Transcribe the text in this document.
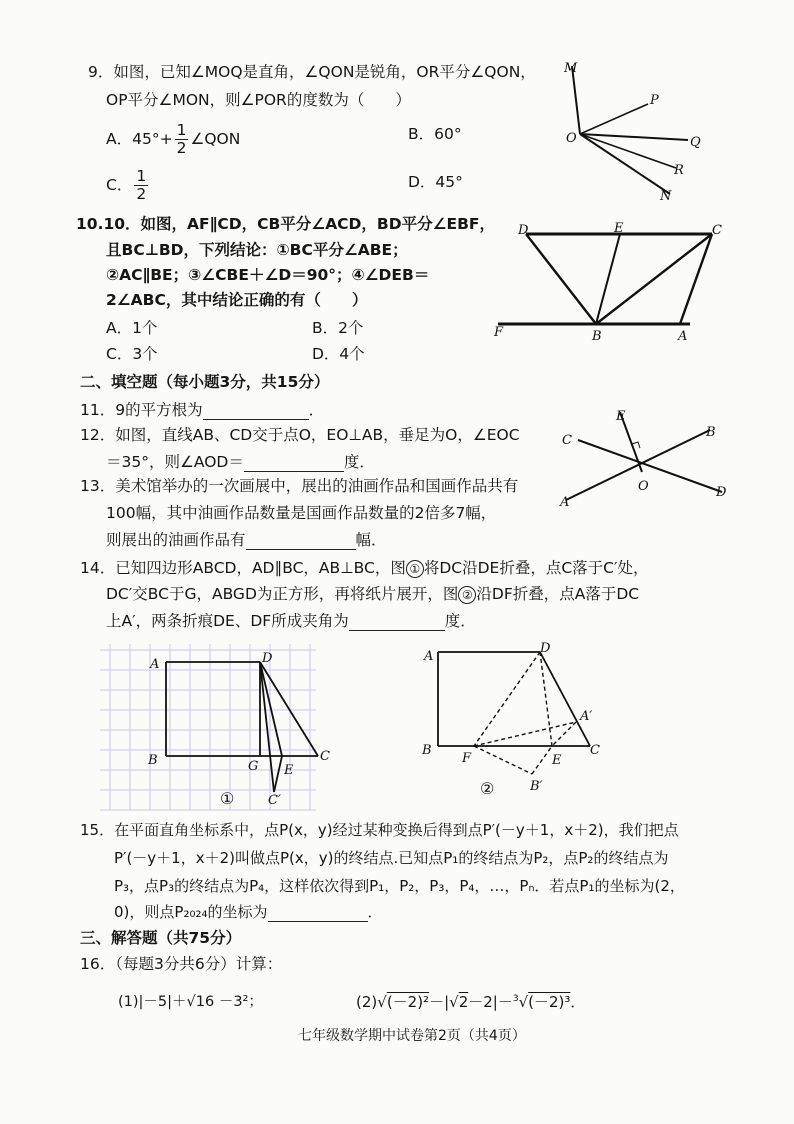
9．如图，已知∠MOQ是直角，∠QON是锐角，OR平分∠QON，
OP平分∠MON，则∠POR的度数为（　　）
A．$45^\circ+ \frac{1}{2}$ ∠QON	B．60°
C． $\frac{1}{2}$	D．45°
M
P
O	Q
R
N
10.10．如图，AF∥CD，CB平分∠ACD，BD平分∠EBF，
且BC⊥BD，下列结论：①BC平分∠ABE；
②AC∥BE；③∠CBE＋∠D＝90°；④∠DEB＝
2∠ABC，其中结论正确的有（　　）
A．1个	B．2个
C．3个	D．4个
D	E	C
F	B	A
二、填空题（每小题3分，共15分）
11．9的平方根为	．
12．如图，直线AB、CD交于点O，EO⊥AB，垂足为O，∠EOC
＝35°，则∠AOD＝	度．
E
B
C
O
A
D
13．美术馆举办的一次画展中，展出的油画作品和国画作品共有
100幅，其中油画作品数量是国画作品数量的2倍多7幅，
则展出的油画作品有	幅．
14．已知四边形ABCD，AD∥BC，AB⊥BC，图 ① 将DC沿DE折叠，点C落于C′处，
DC′交BC于G，ABGD为正方形，再将纸片展开，图 ② 沿DF折叠，点A落于DC
上A′，两条折痕DE、DF所成夹角为	度．
A	D
B	G E
C
C′
①
A
D
A′
B
F	E
C
B′
②
15．在平面直角坐标系中，点P(x，y)经过某种变换后得到点P′(－y＋1，x＋2)，我们把点
P′(－y＋1，x＋2)叫做点P(x，y)的终结点.已知点P₁的终结点为P₂，点P₂的终结点为
P₃，点P₃的终结点为P₄，这样依次得到P₁，P₂，P₃，P₄，…，Pₙ．若点P₁的坐标为(2，
0)，则点P₂₀₂₄的坐标为	．
三、解答题（共75分）
16．（每题3分共6分）计算：
(1)|－5|＋√16 －3²；	(2)√(－2)²－|√2－2|－$^3$√(－2)³．
七年级数学期中试卷第2页（共4页）
